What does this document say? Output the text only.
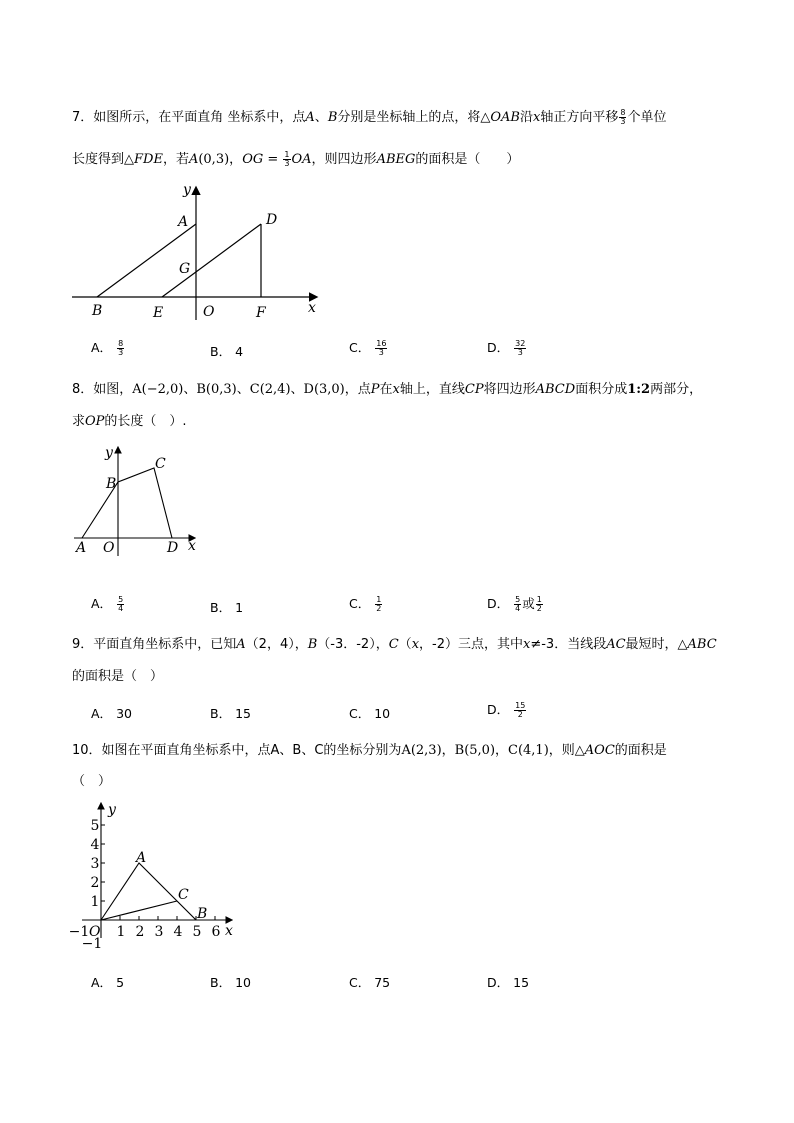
7．如图所示，在平面直角 坐标系中，点A、B分别是坐标轴上的点，将△OAB沿x轴正方向平移 $\frac{8}{3}$ 个单位
长度得到△FDE，若A(0,3)，OG = $\frac{1}{3}$ OA，则四边形ABEG的面积是（　　）
y
A	D
G
B	E	O	F	x
A． $\frac{8}{3}$	B． 4	C． $\frac{16}{3}$	D． $\frac{32}{3}$
8．如图，A(−2,0)、B(0,3)、C(2,4)、D(3,0)，点P在x轴上，直线CP将四边形ABCD面积分成1:2两部分，
求OP的长度（　）.
y
C
B
A O	D x
A． $\frac{5}{4}$	B． 1	C． $\frac{1}{2}$	D． $\frac{5}{4}$ 或 $\frac{1}{2}$
9．平面直角坐标系中，已知A（2，4），B（-3．-2），C（x，-2）三点，其中x≠-3．当线段AC最短时，△ABC
的面积是（　）
A． 30	B． 15	C． 10	D． $\frac{15}{2}$
10．如图在平面直角坐标系中，点A、B、C的坐标分别为A(2,3)，B(5,0)，C(4,1)，则△AOC的面积是
（　）
5
4
3
2
1
1 2 3 4 5 6
−1
−1
y
A
C
B
O	x
A． 5	B． 10	C． 75	D． 15
